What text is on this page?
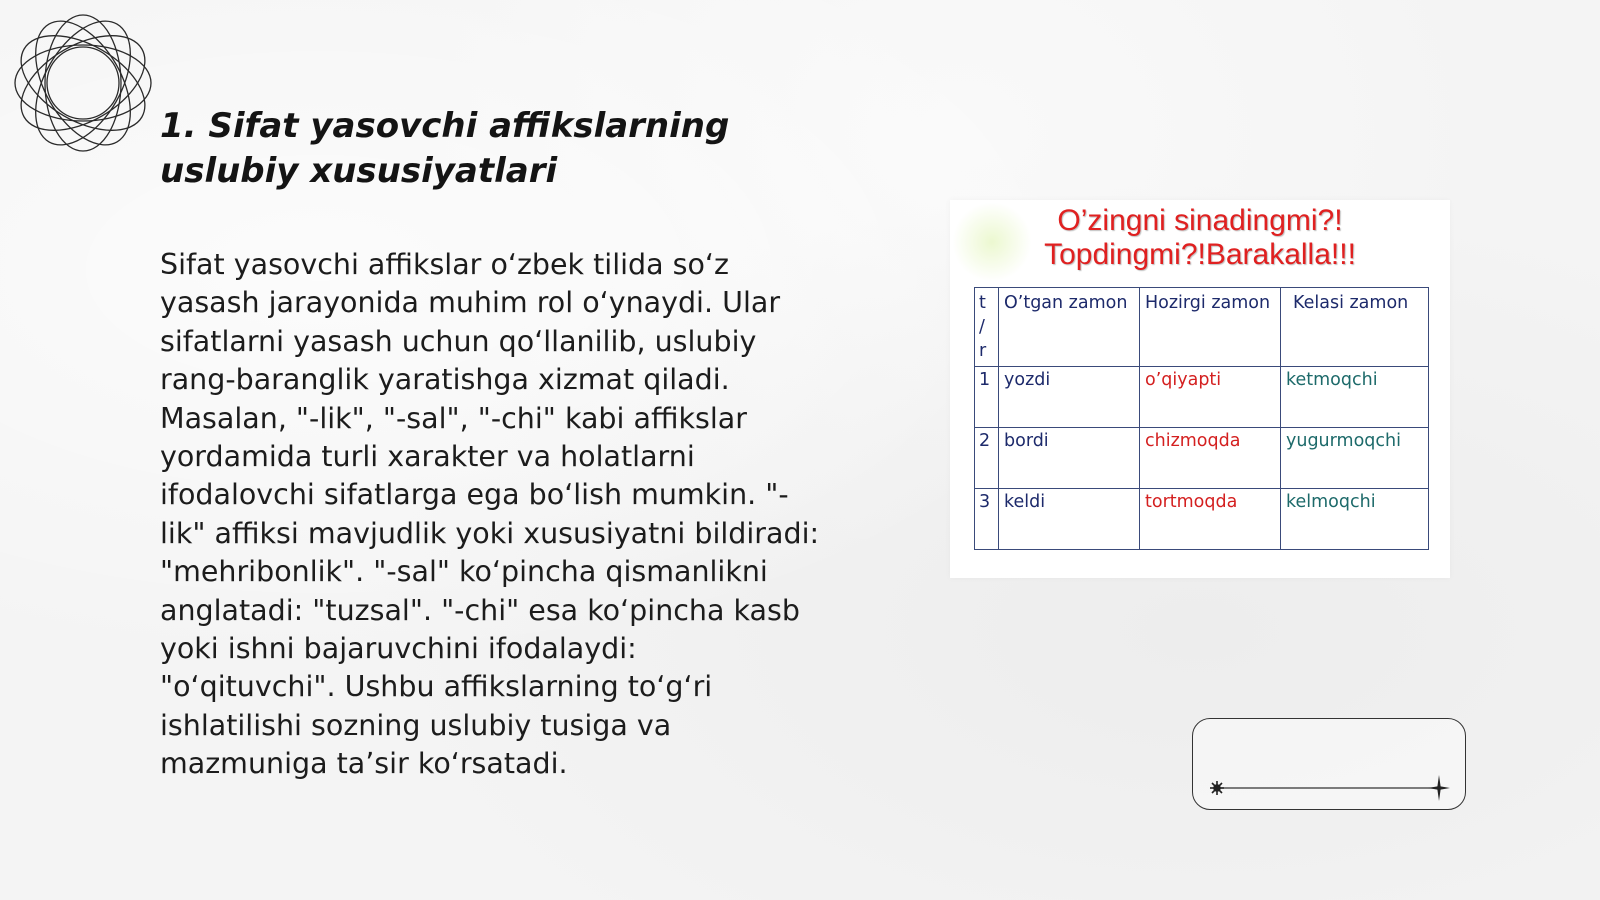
1. Sifat yasovchi affikslarning uslubiy xususiyatlari

Sifat yasovchi affikslar oʻzbek tilida soʻz yasash jarayonida muhim rol oʻynaydi. Ular sifatlarni yasash uchun qoʻllanilib, uslubiy rang-baranglik yaratishga xizmat qiladi. Masalan, "-lik", "-sal", "-chi" kabi affikslar yordamida turli xarakter va holatlarni ifodalovchi sifatlarga ega boʻlish mumkin. "-lik" affiksi mavjudlik yoki xususiyatni bildiradi: "mehribonlik". "-sal" koʻpincha qismanlikni anglatadi: "tuzsal". "-chi" esa koʻpincha kasb yoki ishni bajaruvchini ifodalaydi: "oʻqituvchi". Ushbu affikslarning toʻgʻri ishlatilishi sozning uslubiy tusiga va mazmuniga taʼsir koʻrsatadi.

O’zingni sinadingmi?!
Topdingmi?!Barakalla!!!

t
/
r	O’tgan zamon	Hozirgi zamon	Kelasi zamon
1	yozdi	o’qiyapti	ketmoqchi
2	bordi	chizmoqda	yugurmoqchi
3	keldi	tortmoqda	kelmoqchi
